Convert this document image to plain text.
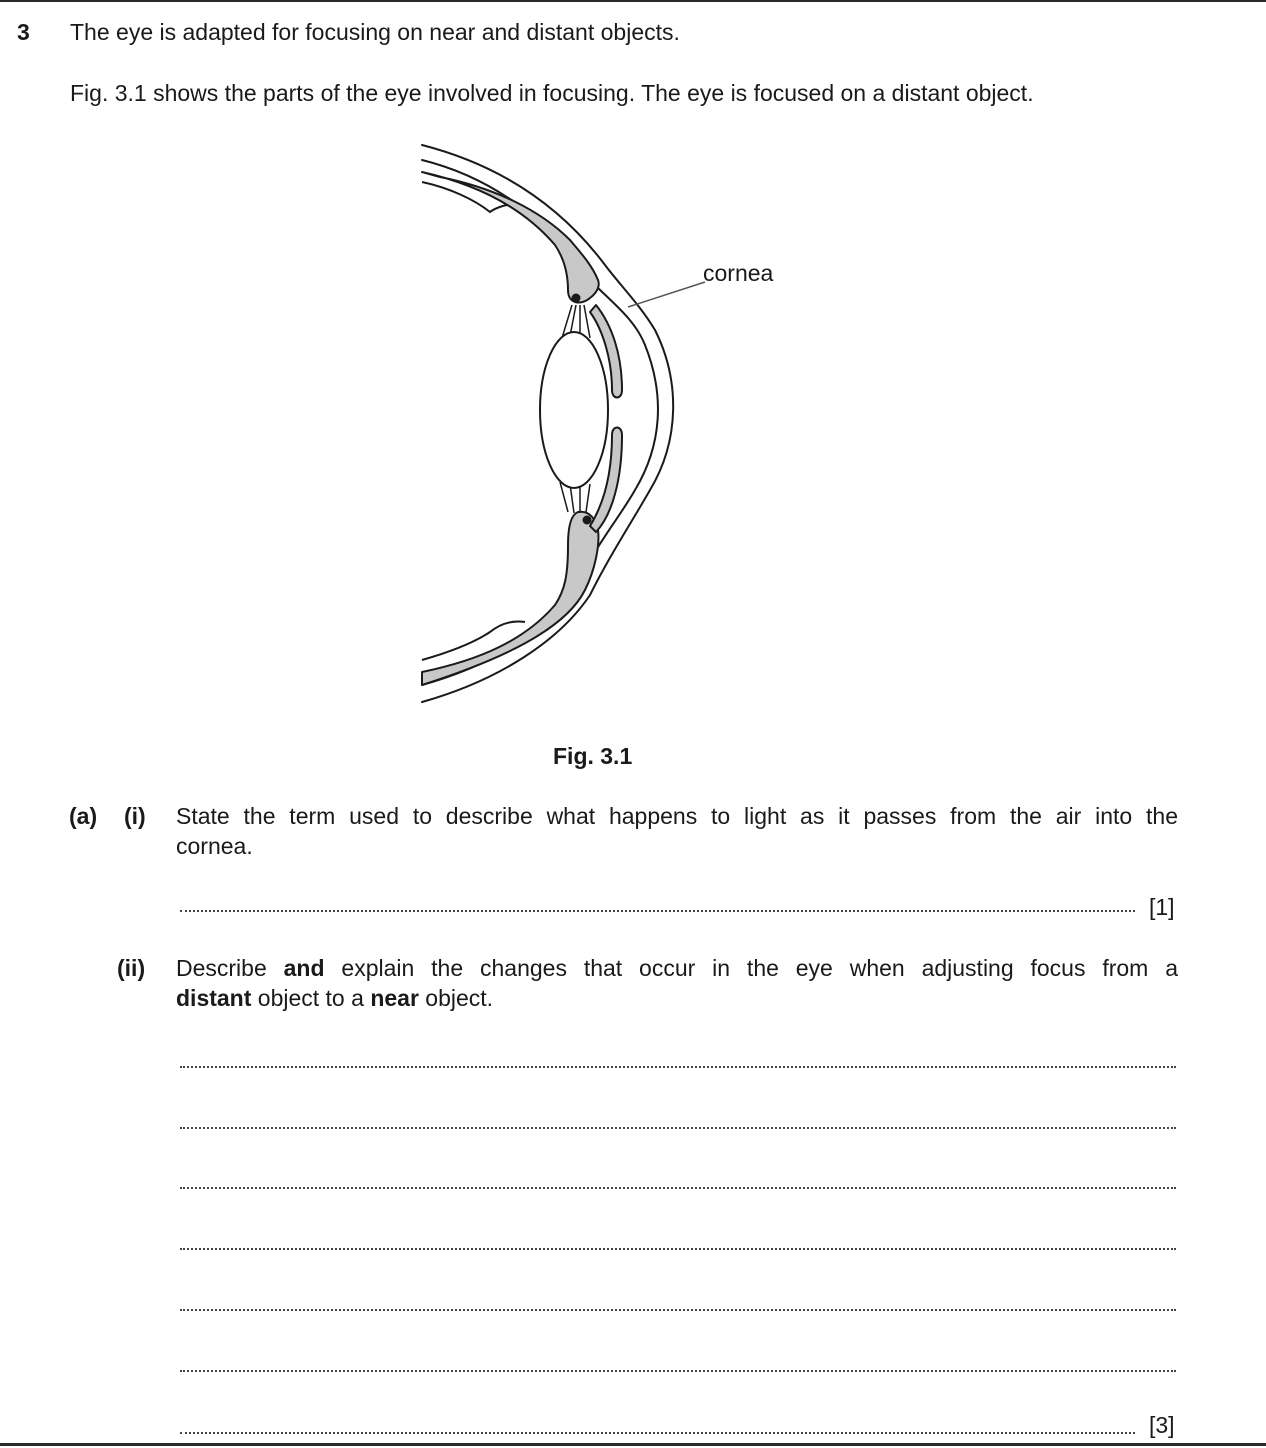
3 The eye is adapted for focusing on near and distant objects.
Fig. 3.1 shows the parts of the eye involved in focusing. The eye is focused on a distant object.
cornea
Fig. 3.1
(a) (i) State the term used to describe what happens to light as it passes from the air into the
cornea.
[1]
(ii) Describe and explain the changes that occur in the eye when adjusting focus from a
distant object to a near object.
[3]
